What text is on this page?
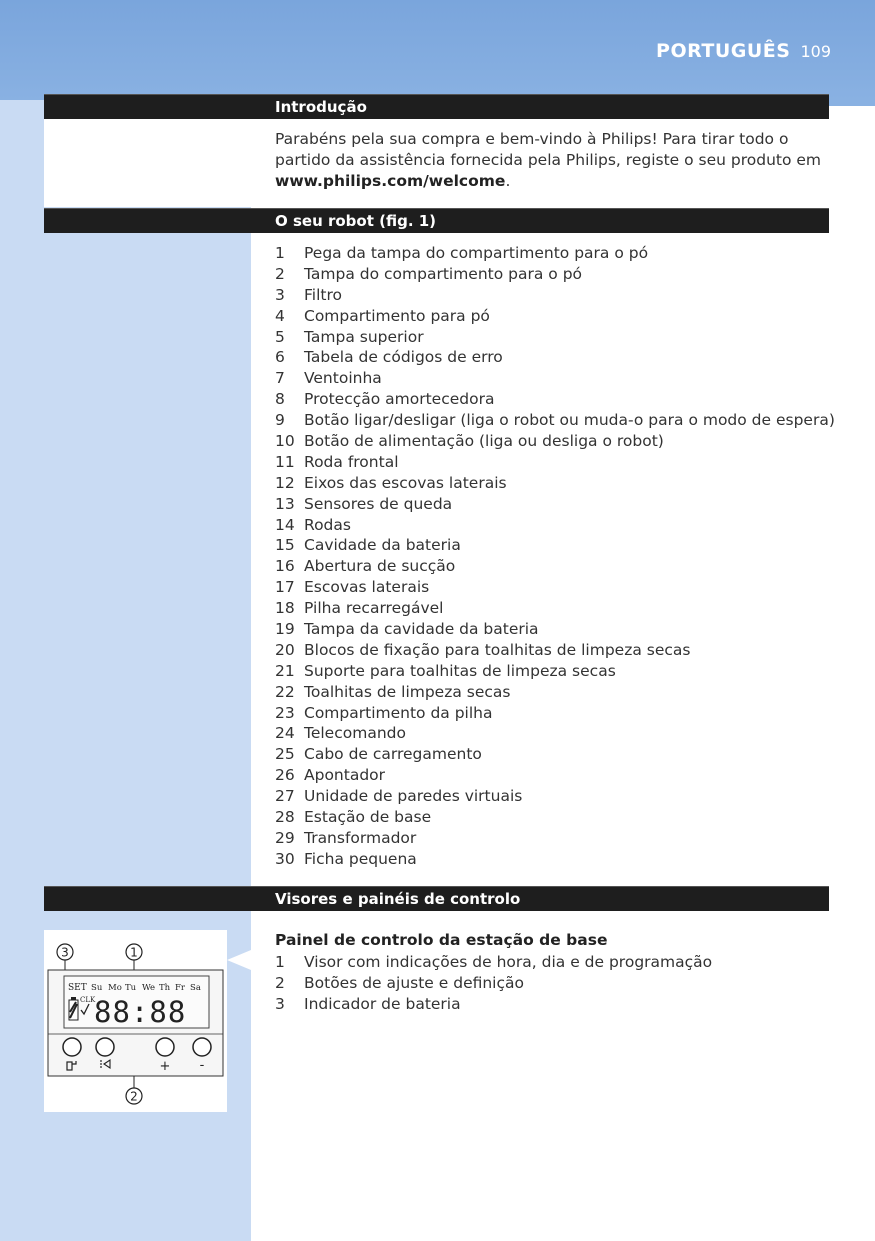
PORTUGUÊS 109
Introdução
Parabéns pela sua compra e bem-vindo à Philips! Para tirar todo o partido da assistência fornecida pela Philips, registe o seu produto em www.philips.com/welcome.
O seu robot (fig. 1)
1	Pega da tampa do compartimento para o pó
2	Tampa do compartimento para o pó
3	Filtro
4	Compartimento para pó
5	Tampa superior
6	Tabela de códigos de erro
7	Ventoinha
8	Protecção amortecedora
9	Botão ligar/desligar (liga o robot ou muda-o para o modo de espera)
10 Botão de alimentação (liga ou desliga o robot)
11 Roda frontal
12 Eixos das escovas laterais
13 Sensores de queda
14 Rodas
15 Cavidade da bateria
16 Abertura de sucção
17 Escovas laterais
18 Pilha recarregável
19 Tampa da cavidade da bateria
20 Blocos de fixação para toalhitas de limpeza secas
21 Suporte para toalhitas de limpeza secas
22 Toalhitas de limpeza secas
23 Compartimento da pilha
24 Telecomando
25 Cabo de carregamento
26 Apontador
27 Unidade de paredes virtuais
28 Estação de base
29 Transformador
30 Ficha pequena
Visores e painéis de controlo
Painel de controlo da estação de base
1	Visor com indicações de hora, dia e de programação
2	Botões de ajuste e definição
3	Indicador de bateria
3	1
SET Su Mo Tu We Th Fr Sa
CLK
88:88
+ -
2
